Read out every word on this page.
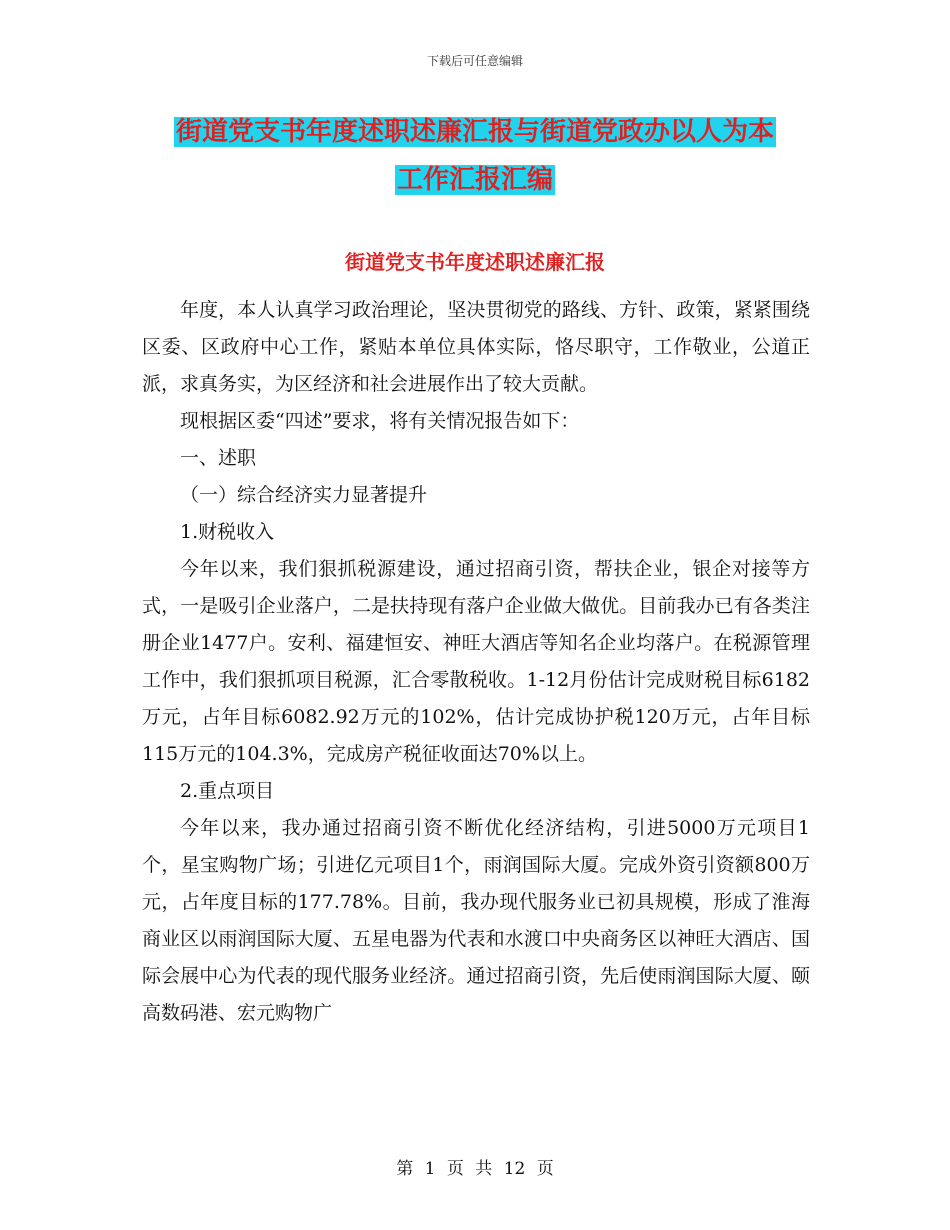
下载后可任意编辑
街道党支书年度述职述廉汇报与街道党政办以人为本
工作汇报汇编
街道党支书年度述职述廉汇报

年度，本人认真学习政治理论，坚决贯彻党的路线、方针、政策，紧紧围绕区委、区政府中心工作，紧贴本单位具体实际，恪尽职守，工作敬业，公道正派，求真务实，为区经济和社会进展作出了较大贡献。

现根据区委“四述”要求，将有关情况报告如下：

一、述职

（一）综合经济实力显著提升

1.财税收入

今年以来，我们狠抓税源建设，通过招商引资，帮扶企业，银企对接等方式，一是吸引企业落户，二是扶持现有落户企业做大做优。目前我办已有各类注册企业1477户。安利、福建恒安、神旺大酒店等知名企业均落户。在税源管理工作中，我们狠抓项目税源，汇合零散税收。1-12月份估计完成财税目标6182万元，占年目标6082.92万元的102%，估计完成协护税120万元，占年目标115万元的104.3%，完成房产税征收面达70%以上。

2.重点项目

今年以来，我办通过招商引资不断优化经济结构，引进5000万元项目1个，星宝购物广场；引进亿元项目1个，雨润国际大厦。完成外资引资额800万元，占年度目标的177.78%。目前，我办现代服务业已初具规模，形成了淮海商业区以雨润国际大厦、五星电器为代表和水渡口中央商务区以神旺大酒店、国际会展中心为代表的现代服务业经济。通过招商引资，先后使雨润国际大厦、颐高数码港、宏元购物广

第 1 页 共 12 页
